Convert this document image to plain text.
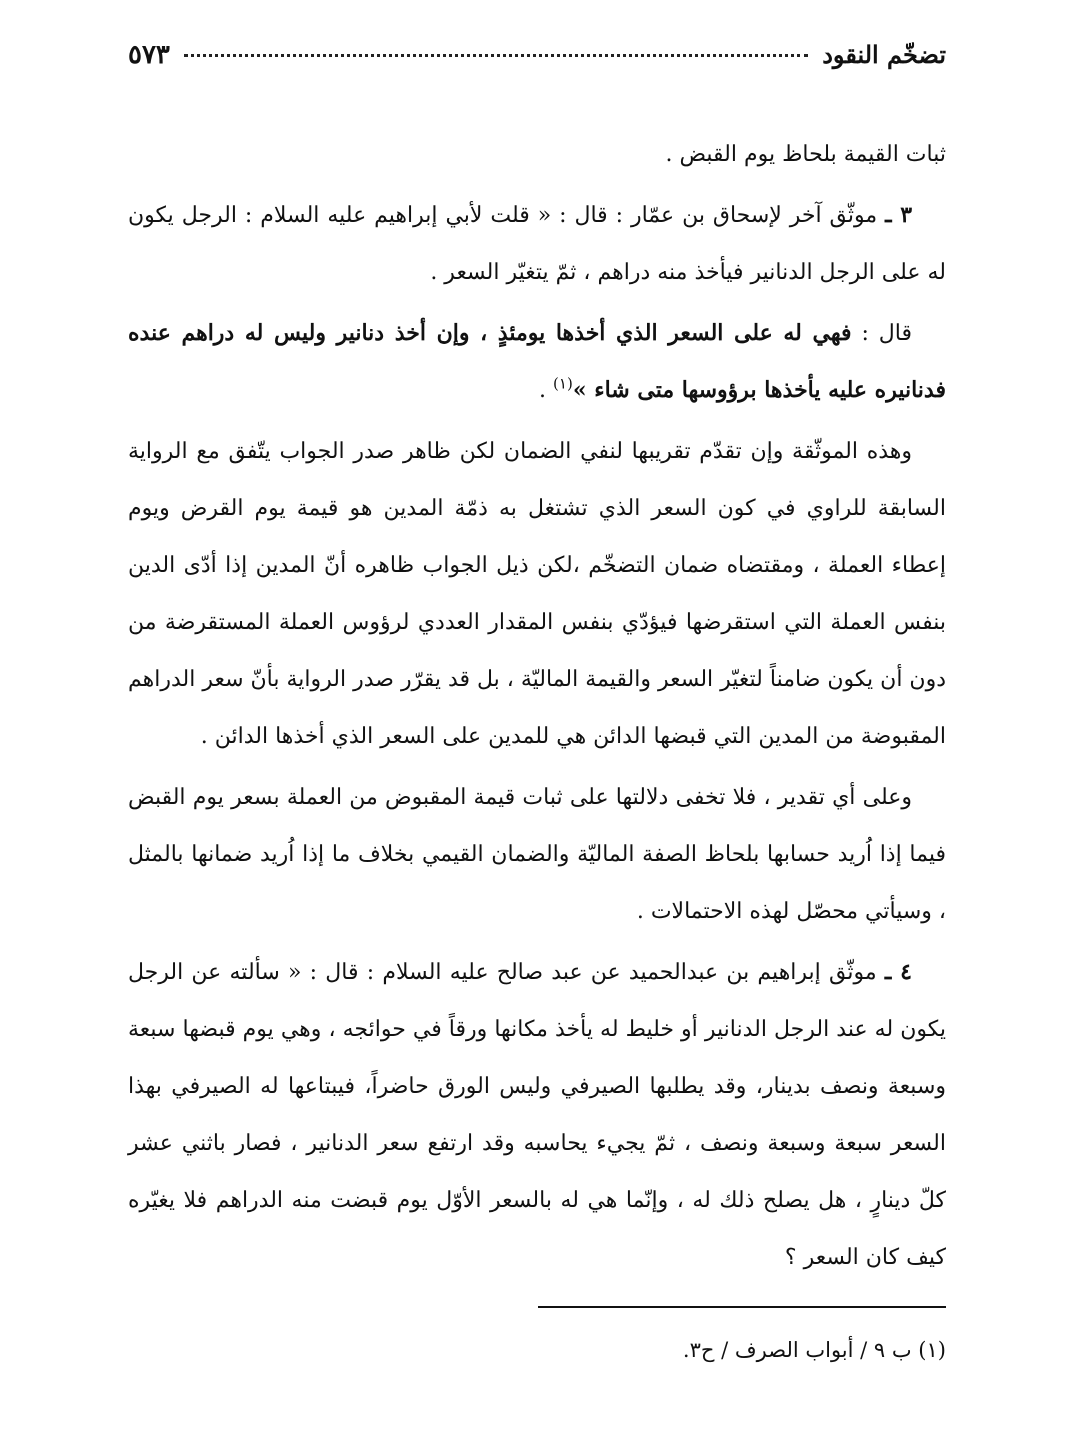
تضخّم النقود
٥٧٣

ثبات القيمة بلحاظ يوم القبض .

٣ ـ موثّق آخر لإسحاق بن عمّار : قال : « قلت لأبي إبراهيم عليه السلام : الرجل يكون له على الرجل الدنانير فيأخذ منه دراهم ، ثمّ يتغيّر السعر .

قال : فهي له على السعر الذي أخذها يومئذٍ ، وإن أخذ دنانير وليس له دراهم عنده فدنانيره عليه يأخذها برؤوسها متى شاء »$^{(١)}$ .

وهذه الموثّقة وإن تقدّم تقريبها لنفي الضمان لكن ظاهر صدر الجواب يتّفق مع الرواية السابقة للراوي في كون السعر الذي تشتغل به ذمّة المدين هو قيمة يوم القرض ويوم إعطاء العملة ، ومقتضاه ضمان التضخّم ،لكن ذيل الجواب ظاهره أنّ المدين إذا أدّى الدين بنفس العملة التي استقرضها فيؤدّي بنفس المقدار العددي لرؤوس العملة المستقرضة من دون أن يكون ضامناً لتغيّر السعر والقيمة الماليّة ، بل قد يقرّر صدر الرواية بأنّ سعر الدراهم المقبوضة من المدين التي قبضها الدائن هي للمدين على السعر الذي أخذها الدائن .

وعلى أي تقدير ، فلا تخفى دلالتها على ثبات قيمة المقبوض من العملة بسعر يوم القبض فيما إذا اُريد حسابها بلحاظ الصفة الماليّة والضمان القيمي بخلاف ما إذا اُريد ضمانها بالمثل ، وسيأتي محصّل لهذه الاحتمالات .

٤ ـ موثّق إبراهيم بن عبدالحميد عن عبد صالح عليه السلام : قال : « سألته عن الرجل يكون له عند الرجل الدنانير أو خليط له يأخذ مكانها ورقاً في حوائجه ، وهي يوم قبضها سبعة وسبعة ونصف بدينار، وقد يطلبها الصيرفي وليس الورق حاضراً، فيبتاعها له الصيرفي بهذا السعر سبعة وسبعة ونصف ، ثمّ يجيء يحاسبه وقد ارتفع سعر الدنانير ، فصار باثني عشر كلّ دينارٍ ، هل يصلح ذلك له ، وإنّما هي له بالسعر الأوّل يوم قبضت منه الدراهم فلا يغيّره كيف كان السعر ؟

(١) ب ٩ / أبواب الصرف / ح٣.
